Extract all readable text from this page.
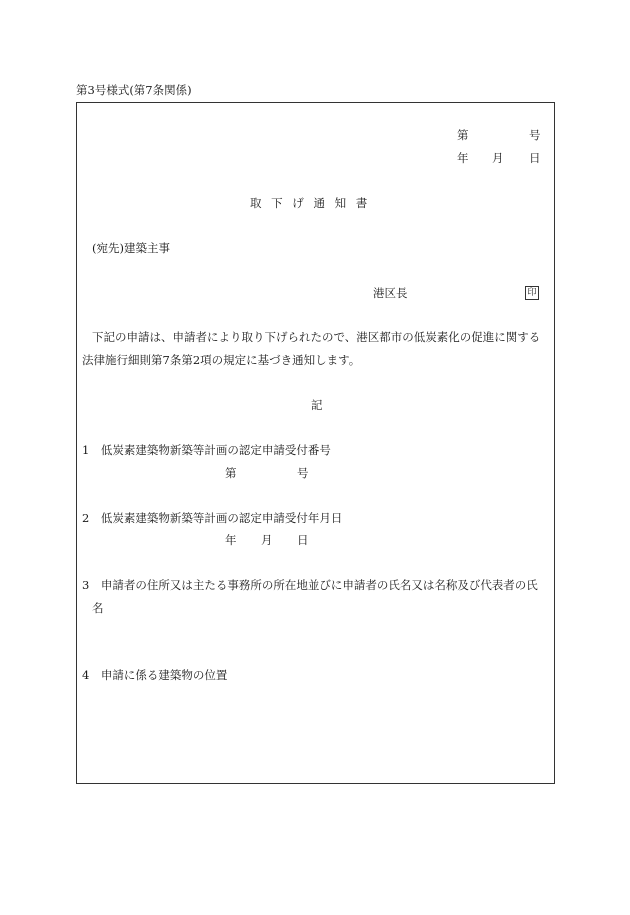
第3号様式(第7条関係)
第	号
年 月 日
取 下 げ 通 知 書
(宛先)建築主事
港区長	印
下記の申請は、申請者により取り下げられたので、港区都市の低炭素化の促進に関する
法律施行細則第7条第2項の規定に基づき通知します。
記
1　低炭素建築物新築等計画の認定申請受付番号
第	号
2　低炭素建築物新築等計画の認定申請受付年月日
年 月 日
3　申請者の住所又は主たる事務所の所在地並びに申請者の氏名又は名称及び代表者の氏
名
4　申請に係る建築物の位置
